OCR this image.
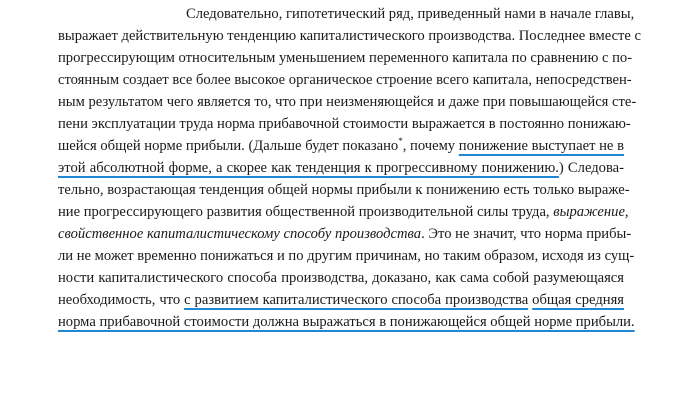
Следовательно, гипотетический ряд, приведенный нами в начале главы,
выражает действительную тенденцию капиталистического производства. Последнее вместе с
прогрессирующим относительным уменьшением переменного капитала по сравнению с по-
стоянным создает все более высокое органическое строение всего капитала, непосредствен-
ным результатом чего является то, что при неизменяющейся и даже при повышающейся сте-
пени эксплуатации труда норма прибавочной стоимости выражается в постоянно понижаю-
шейся общей норме прибыли. (Дальше будет показано*, почему понижение выступает не в
этой абсолютной форме, а скорее как тенденция к прогрессивному понижению.) Следова-
тельно, возрастающая тенденция общей нормы прибыли к понижению есть только выраже-
ние прогрессирующего развития общественной производительной силы труда, выражение,
свойственное капиталистическому способу производства. Это не значит, что норма прибы-
ли не может временно понижаться и по другим причинам, но таким образом, исходя из сущ-
ности капиталистического способа производства, доказано, как сама собой разумеющаяся
необходимость, что с развитием капиталистического способа производства общая средняя
норма прибавочной стоимости должна выражаться в понижающейся общей норме прибыли.
